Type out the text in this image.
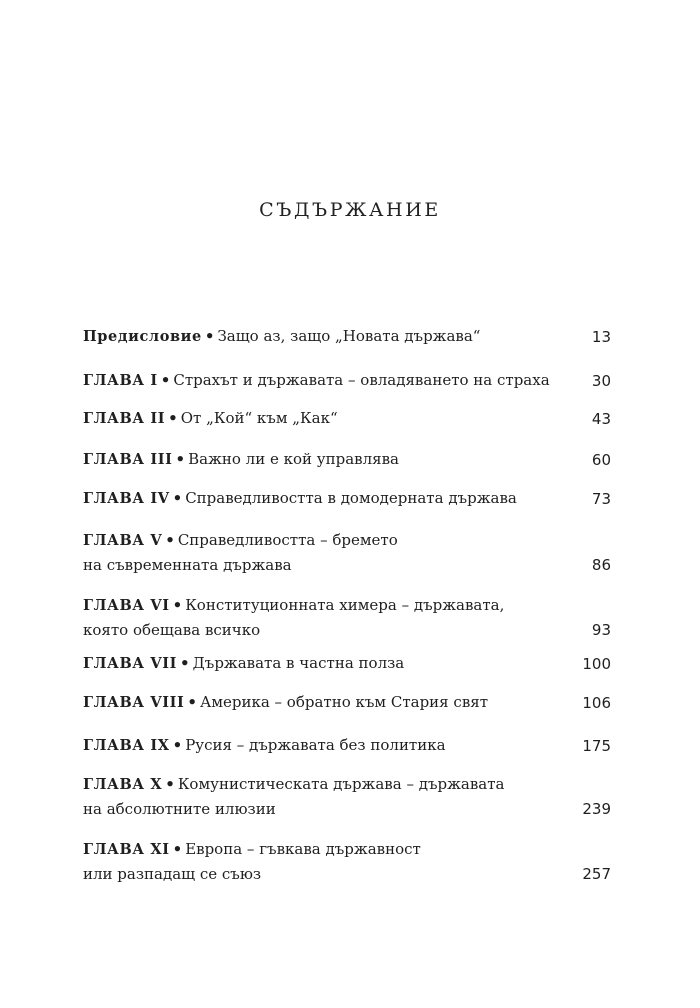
СЪДЪРЖАНИЕ
Предисловие • Защо аз, защо „Новата държава“	13
ГЛАВА I • Страхът и държавата – овладяването на страха	30
ГЛАВА II • От „Кой“ към „Как“	43
ГЛАВА III • Важно ли е кой управлява	60
ГЛАВА IV • Справедливостта в домодерната държава	73
ГЛАВА V • Справедливостта – бремето
на съвременната държава	86
ГЛАВА VI • Конституционната химера – държавата,
която обещава всичко	93
ГЛАВА VII • Държавата в частна полза	100
ГЛАВА VIII • Америка – обратно към Стария свят	106
ГЛАВА IX • Русия – държавата без политика	175
ГЛАВА X • Комунистическата държава – държавата
на абсолютните илюзии	239
ГЛАВА XI • Европа – гъвкава държавност
или разпадащ се съюз	257
